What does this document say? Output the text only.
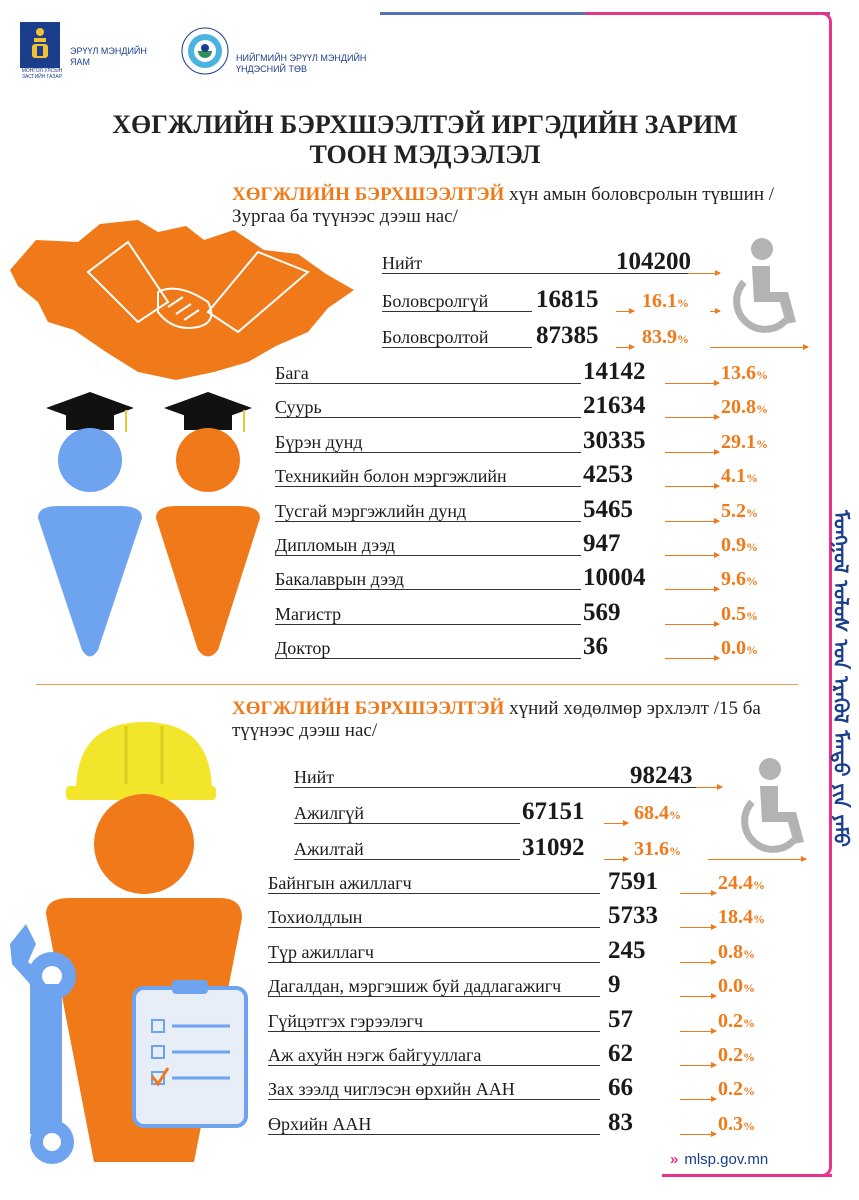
МОНГОЛ УЛСЫН ЗАСГИЙН ГАЗАР
ЭРҮҮЛ МЭНДИЙН ЯАМ	НИЙГМИЙН ЭРҮҮЛ МЭНДИЙН ҮНДЭСНИЙ ТӨВ
ХӨГЖЛИЙН БЭРХШЭЭЛТЭЙ ИРГЭДИЙН ЗАРИМ ТООН МЭДЭЭЛЭЛ
ХӨГЖЛИЙН БЭРХШЭЭЛТЭЙ хүн амын боловсролын түвшин /Зургаа ба түүнээс дээш нас/
ХӨГЖЛИЙН БЭРХШЭЭЛТЭЙ хүний хөдөлмөр эрхлэлт /15 ба түүнээс дээш нас/
Нийт	104200
Боловсролгүй 16815 16.1%
Боловсролтой 87385 83.9%
Бага	14142	13.6%
Суурь	21634	20.8%
Бүрэн дунд	30335	29.1%
Техникийн болон мэргэжлийн	4253	4.1%
Тусгай мэргэжлийн дунд	5465	5.2%
Дипломын дээд	947	0.9%
Бакалаврын дээд	10004	9.6%
Магистр	569	0.5%
Доктор	36	0.0%
Нийт	98243
Ажилгүй	67151 68.4%
Ажилтай	31092 31.6%
Байнгын ажиллагч	7591	24.4%
Тохиолдлын	5733	18.4%
Түр ажиллагч	245	0.8%
Дагалдан, мэргэшиж буй дадлагажигч 9	0.0%
Гүйцэтгэх гэрээлэгч	57	0.2%
Аж ахуйн нэгж байгууллага	62	0.2%
Зах зээлд чиглэсэн өрхийн ААН	66	0.2%
Өрхийн ААН	83	0.3%
ᠮᠣᠩᠭᠣᠯ ᠤᠯᠤᠰ ᠤᠨ ᠡᠷᠡᠬᠦᠯ ᠮᠡᠨᠳᠦ ᠶᠢᠨ ᠶᠠᠮᠤ
» mlsp.gov.mn
